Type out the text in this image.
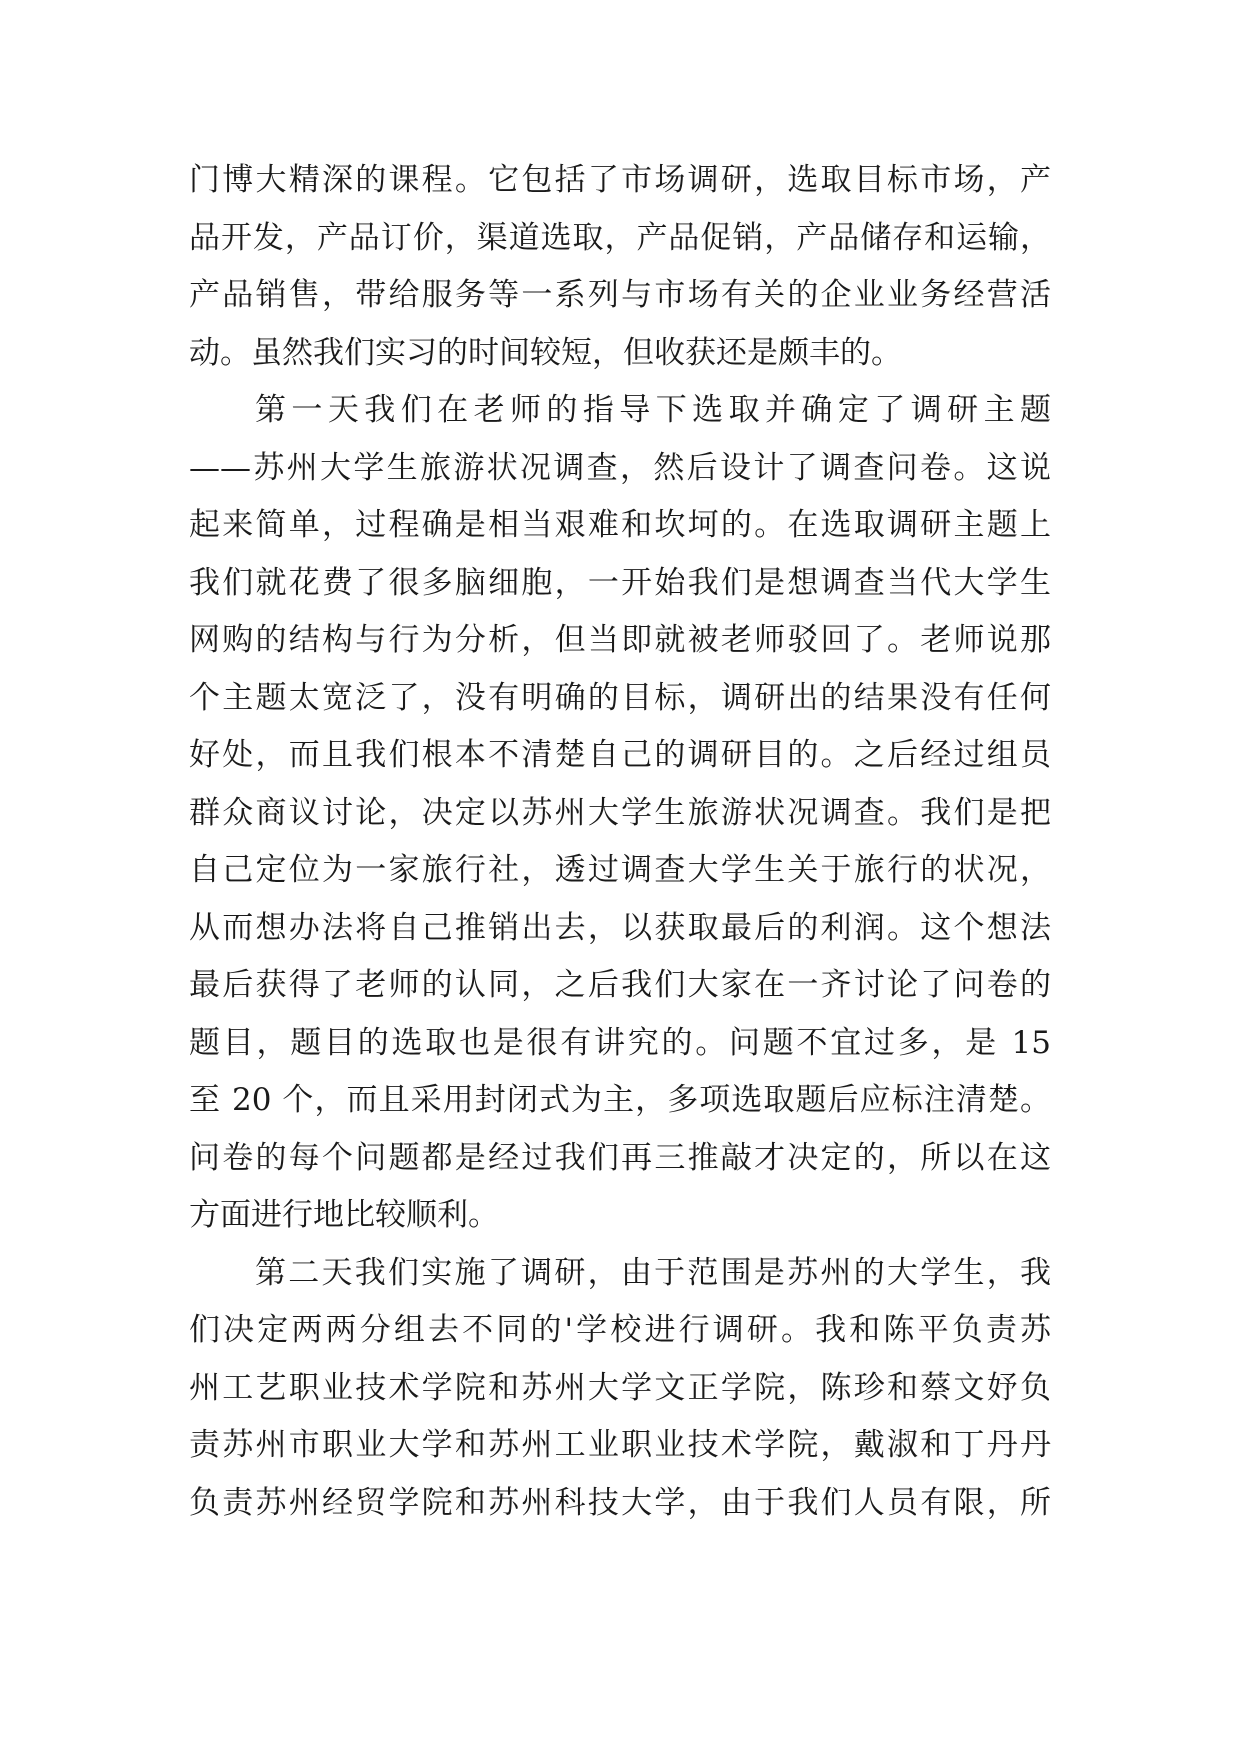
门博大精深的课程。它包括了市场调研，选取目标市场，产
品开发，产品订价，渠道选取，产品促销，产品储存和运输，
产品销售，带给服务等一系列与市场有关的企业业务经营活
动。虽然我们实习的时间较短，但收获还是颇丰的。

第一天我们在老师的指导下选取并确定了调研主题
——苏州大学生旅游状况调查，然后设计了调查问卷。这说
起来简单，过程确是相当艰难和坎坷的。在选取调研主题上
我们就花费了很多脑细胞，一开始我们是想调查当代大学生
网购的结构与行为分析，但当即就被老师驳回了。老师说那
个主题太宽泛了，没有明确的目标，调研出的结果没有任何
好处，而且我们根本不清楚自己的调研目的。之后经过组员
群众商议讨论，决定以苏州大学生旅游状况调查。我们是把
自己定位为一家旅行社，透过调查大学生关于旅行的状况，
从而想办法将自己推销出去，以获取最后的利润。这个想法
最后获得了老师的认同，之后我们大家在一齐讨论了问卷的
题目，题目的选取也是很有讲究的。问题不宜过多，是 15
至 20 个，而且采用封闭式为主，多项选取题后应标注清楚。
问卷的每个问题都是经过我们再三推敲才决定的，所以在这
方面进行地比较顺利。

第二天我们实施了调研，由于范围是苏州的大学生，我
们决定两两分组去不同的'学校进行调研。我和陈平负责苏
州工艺职业技术学院和苏州大学文正学院，陈珍和蔡文妤负
责苏州市职业大学和苏州工业职业技术学院，戴淑和丁丹丹
负责苏州经贸学院和苏州科技大学，由于我们人员有限，所
